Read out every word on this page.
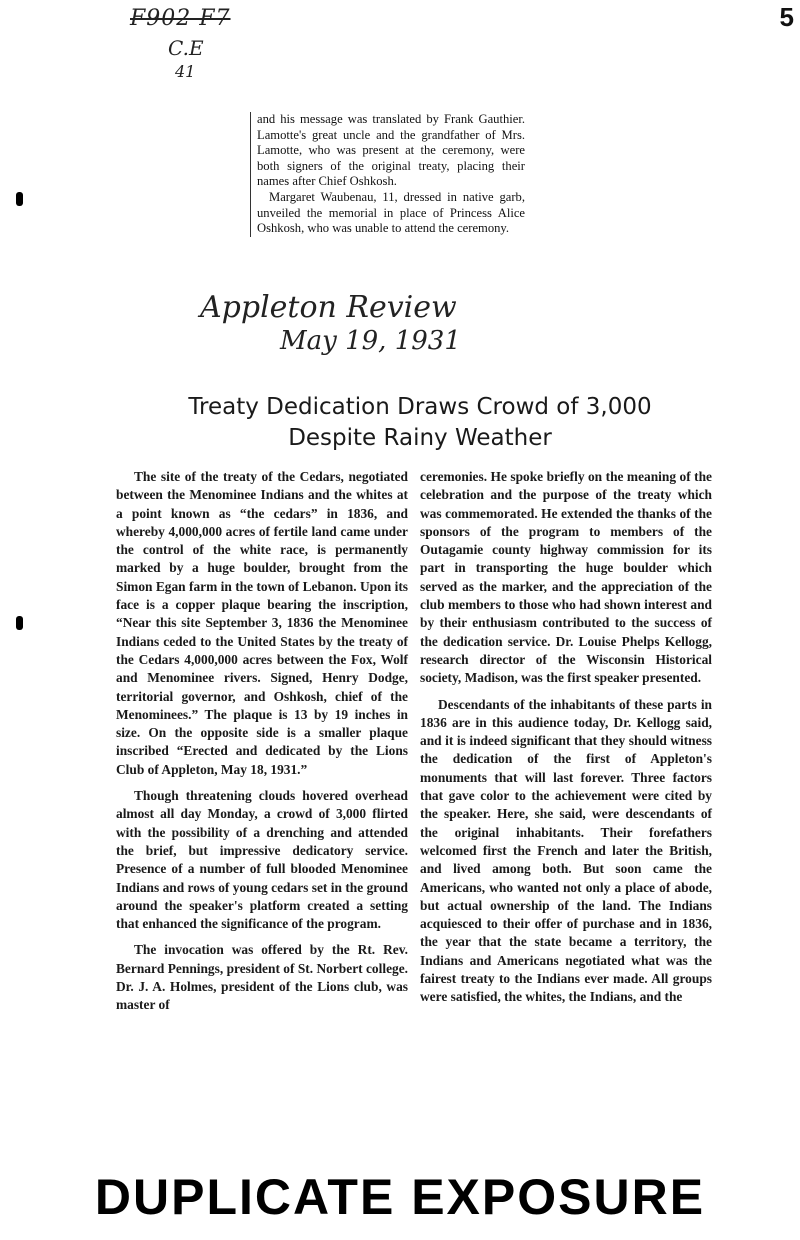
F902 F7
C.E
41
5

and his message was translated by Frank Gauthier. Lamotte's great uncle and the grandfather of Mrs. Lamotte, who was present at the ceremony, were both signers of the original treaty, placing their names after Chief Oshkosh.

Margaret Waubenau, 11, dressed in native garb, unveiled the memorial in place of Princess Alice Oshkosh, who was unable to attend the ceremony.

Appleton Review
May 19, 1931
Treaty Dedication Draws Crowd of 3,000
Despite Rainy Weather

The site of the treaty of the Cedars, negotiated between the Menominee Indians and the whites at a point known as “the cedars” in 1836, and whereby 4,000,000 acres of fertile land came under the control of the white race, is permanently marked by a huge boulder, brought from the Simon Egan farm in the town of Lebanon. Upon its face is a copper plaque bearing the inscription, “Near this site September 3, 1836 the Menominee Indians ceded to the United States by the treaty of the Cedars 4,000,000 acres between the Fox, Wolf and Menominee rivers. Signed, Henry Dodge, territorial governor, and Oshkosh, chief of the Menominees.” The plaque is 13 by 19 inches in size. On the opposite side is a smaller plaque inscribed “Erected and dedicated by the Lions Club of Appleton, May 18, 1931.”

Though threatening clouds hovered overhead almost all day Monday, a crowd of 3,000 flirted with the possibility of a drenching and attended the brief, but impressive dedicatory service. Presence of a number of full blooded Menominee Indians and rows of young cedars set in the ground around the speaker's platform created a setting that enhanced the significance of the program.

The invocation was offered by the Rt. Rev. Bernard Pennings, president of St. Norbert college. Dr. J. A. Holmes, president of the Lions club, was master of

ceremonies. He spoke briefly on the meaning of the celebration and the purpose of the treaty which was commemorated. He extended the thanks of the sponsors of the program to members of the Outagamie county highway commission for its part in transporting the huge boulder which served as the marker, and the appreciation of the club members to those who had shown interest and by their enthusiasm contributed to the success of the dedication service. Dr. Louise Phelps Kellogg, research director of the Wisconsin Historical society, Madison, was the first speaker presented.

Descendants of the inhabitants of these parts in 1836 are in this audience today, Dr. Kellogg said, and it is indeed significant that they should witness the dedication of the first of Appleton's monuments that will last forever. Three factors that gave color to the achievement were cited by the speaker. Here, she said, were descendants of the original inhabitants. Their forefathers welcomed first the French and later the British, and lived among both. But soon came the Americans, who wanted not only a place of abode, but actual ownership of the land. The Indians acquiesced to their offer of purchase and in 1836, the year that the state became a territory, the Indians and Americans negotiated what was the fairest treaty to the Indians ever made. All groups were satisfied, the whites, the Indians, and the

DUPLICATE EXPOSURE
